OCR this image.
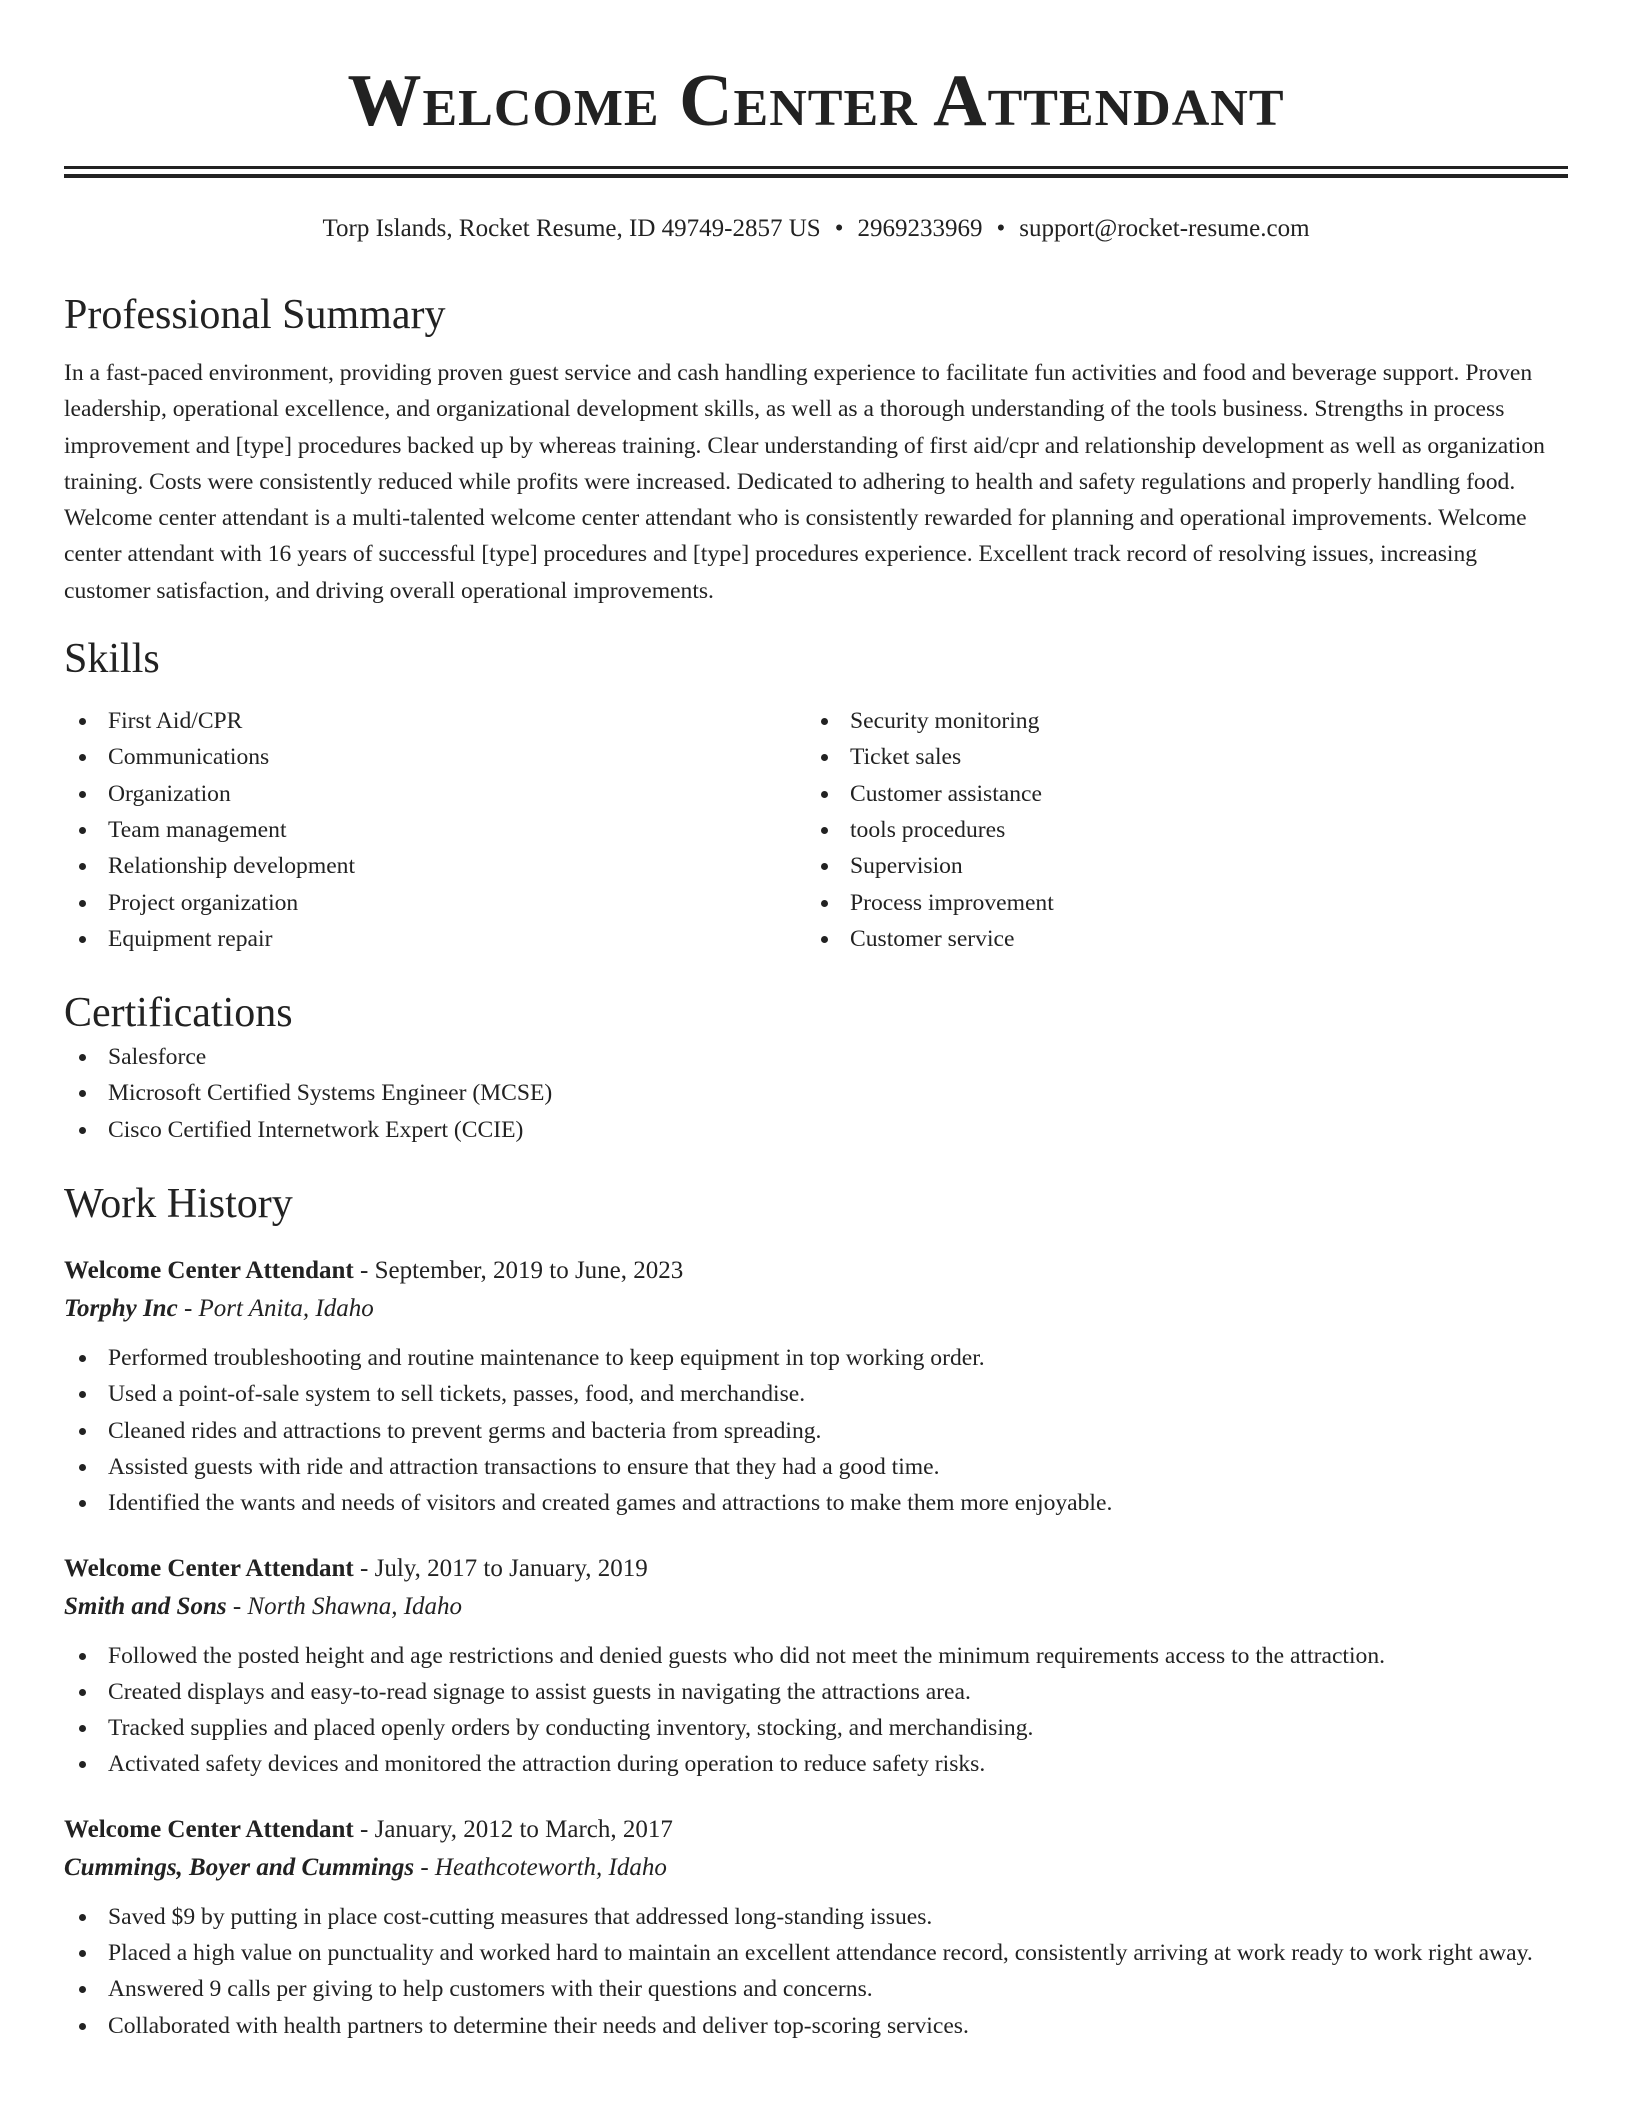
Welcome Center Attendant
Torp Islands, Rocket Resume, ID 49749-2857 US • 2969233969 • support@rocket-resume.com
Professional Summary
In a fast-paced environment, providing proven guest service and cash handling experience to facilitate fun activities and food and beverage support. Proven leadership, operational excellence, and organizational development skills, as well as a thorough understanding of the tools business. Strengths in process improvement and [type] procedures backed up by whereas training. Clear understanding of first aid/cpr and relationship development as well as organization training. Costs were consistently reduced while profits were increased. Dedicated to adhering to health and safety regulations and properly handling food. Welcome center attendant is a multi-talented welcome center attendant who is consistently rewarded for planning and operational improvements. Welcome center attendant with 16 years of successful [type] procedures and [type] procedures experience. Excellent track record of resolving issues, increasing customer satisfaction, and driving overall operational improvements.
Skills
First Aid/CPR
Communications
Organization
Team management
Relationship development
Project organization
Equipment repair
Security monitoring
Ticket sales
Customer assistance
tools procedures
Supervision
Process improvement
Customer service
Certifications
Salesforce
Microsoft Certified Systems Engineer (MCSE)
Cisco Certified Internetwork Expert (CCIE)
Work History
Welcome Center Attendant - September, 2019 to June, 2023
Torphy Inc - Port Anita, Idaho
Performed troubleshooting and routine maintenance to keep equipment in top working order.
Used a point-of-sale system to sell tickets, passes, food, and merchandise.
Cleaned rides and attractions to prevent germs and bacteria from spreading.
Assisted guests with ride and attraction transactions to ensure that they had a good time.
Identified the wants and needs of visitors and created games and attractions to make them more enjoyable.
Welcome Center Attendant - July, 2017 to January, 2019
Smith and Sons - North Shawna, Idaho
Followed the posted height and age restrictions and denied guests who did not meet the minimum requirements access to the attraction.
Created displays and easy-to-read signage to assist guests in navigating the attractions area.
Tracked supplies and placed openly orders by conducting inventory, stocking, and merchandising.
Activated safety devices and monitored the attraction during operation to reduce safety risks.
Welcome Center Attendant - January, 2012 to March, 2017
Cummings, Boyer and Cummings - Heathcoteworth, Idaho
Saved $9 by putting in place cost-cutting measures that addressed long-standing issues.
Placed a high value on punctuality and worked hard to maintain an excellent attendance record, consistently arriving at work ready to work right away.
Answered 9 calls per giving to help customers with their questions and concerns.
Collaborated with health partners to determine their needs and deliver top-scoring services.
